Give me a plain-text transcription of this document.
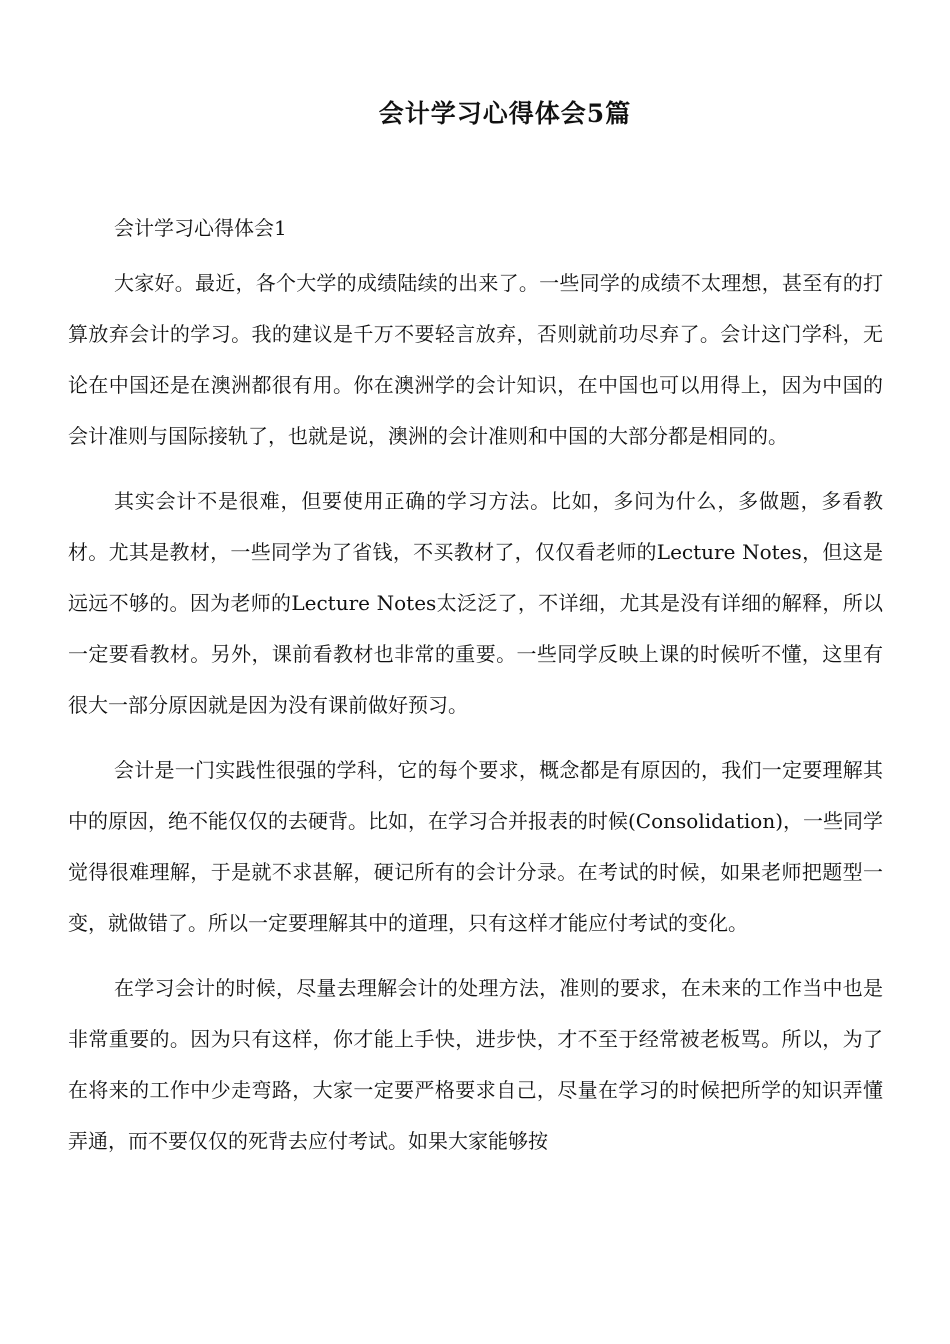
会计学习心得体会5篇

会计学习心得体会1

大家好。最近，各个大学的成绩陆续的出来了。一些同学的成绩不太理想，甚至有的打算放弃会计的学习。我的建议是千万不要轻言放弃，否则就前功尽弃了。会计这门学科，无论在中国还是在澳洲都很有用。你在澳洲学的会计知识，在中国也可以用得上，因为中国的会计准则与国际接轨了，也就是说，澳洲的会计准则和中国的大部分都是相同的。

其实会计不是很难，但要使用正确的学习方法。比如，多问为什么，多做题，多看教材。尤其是教材，一些同学为了省钱，不买教材了，仅仅看老师的Lecture Notes，但这是远远不够的。因为老师的Lecture Notes太泛泛了，不详细，尤其是没有详细的解释，所以一定要看教材。另外，课前看教材也非常的重要。一些同学反映上课的时候听不懂，这里有很大一部分原因就是因为没有课前做好预习。

会计是一门实践性很强的学科，它的每个要求，概念都是有原因的，我们一定要理解其中的原因，绝不能仅仅的去硬背。比如，在学习合并报表的时候(Consolidation)，一些同学觉得很难理解，于是就不求甚解，硬记所有的会计分录。在考试的时候，如果老师把题型一变，就做错了。所以一定要理解其中的道理，只有这样才能应付考试的变化。

在学习会计的时候，尽量去理解会计的处理方法，准则的要求，在未来的工作当中也是非常重要的。因为只有这样，你才能上手快，进步快，才不至于经常被老板骂。所以，为了在将来的工作中少走弯路，大家一定要严格要求自己，尽量在学习的时候把所学的知识弄懂弄通，而不要仅仅的死背去应付考试。如果大家能够按
